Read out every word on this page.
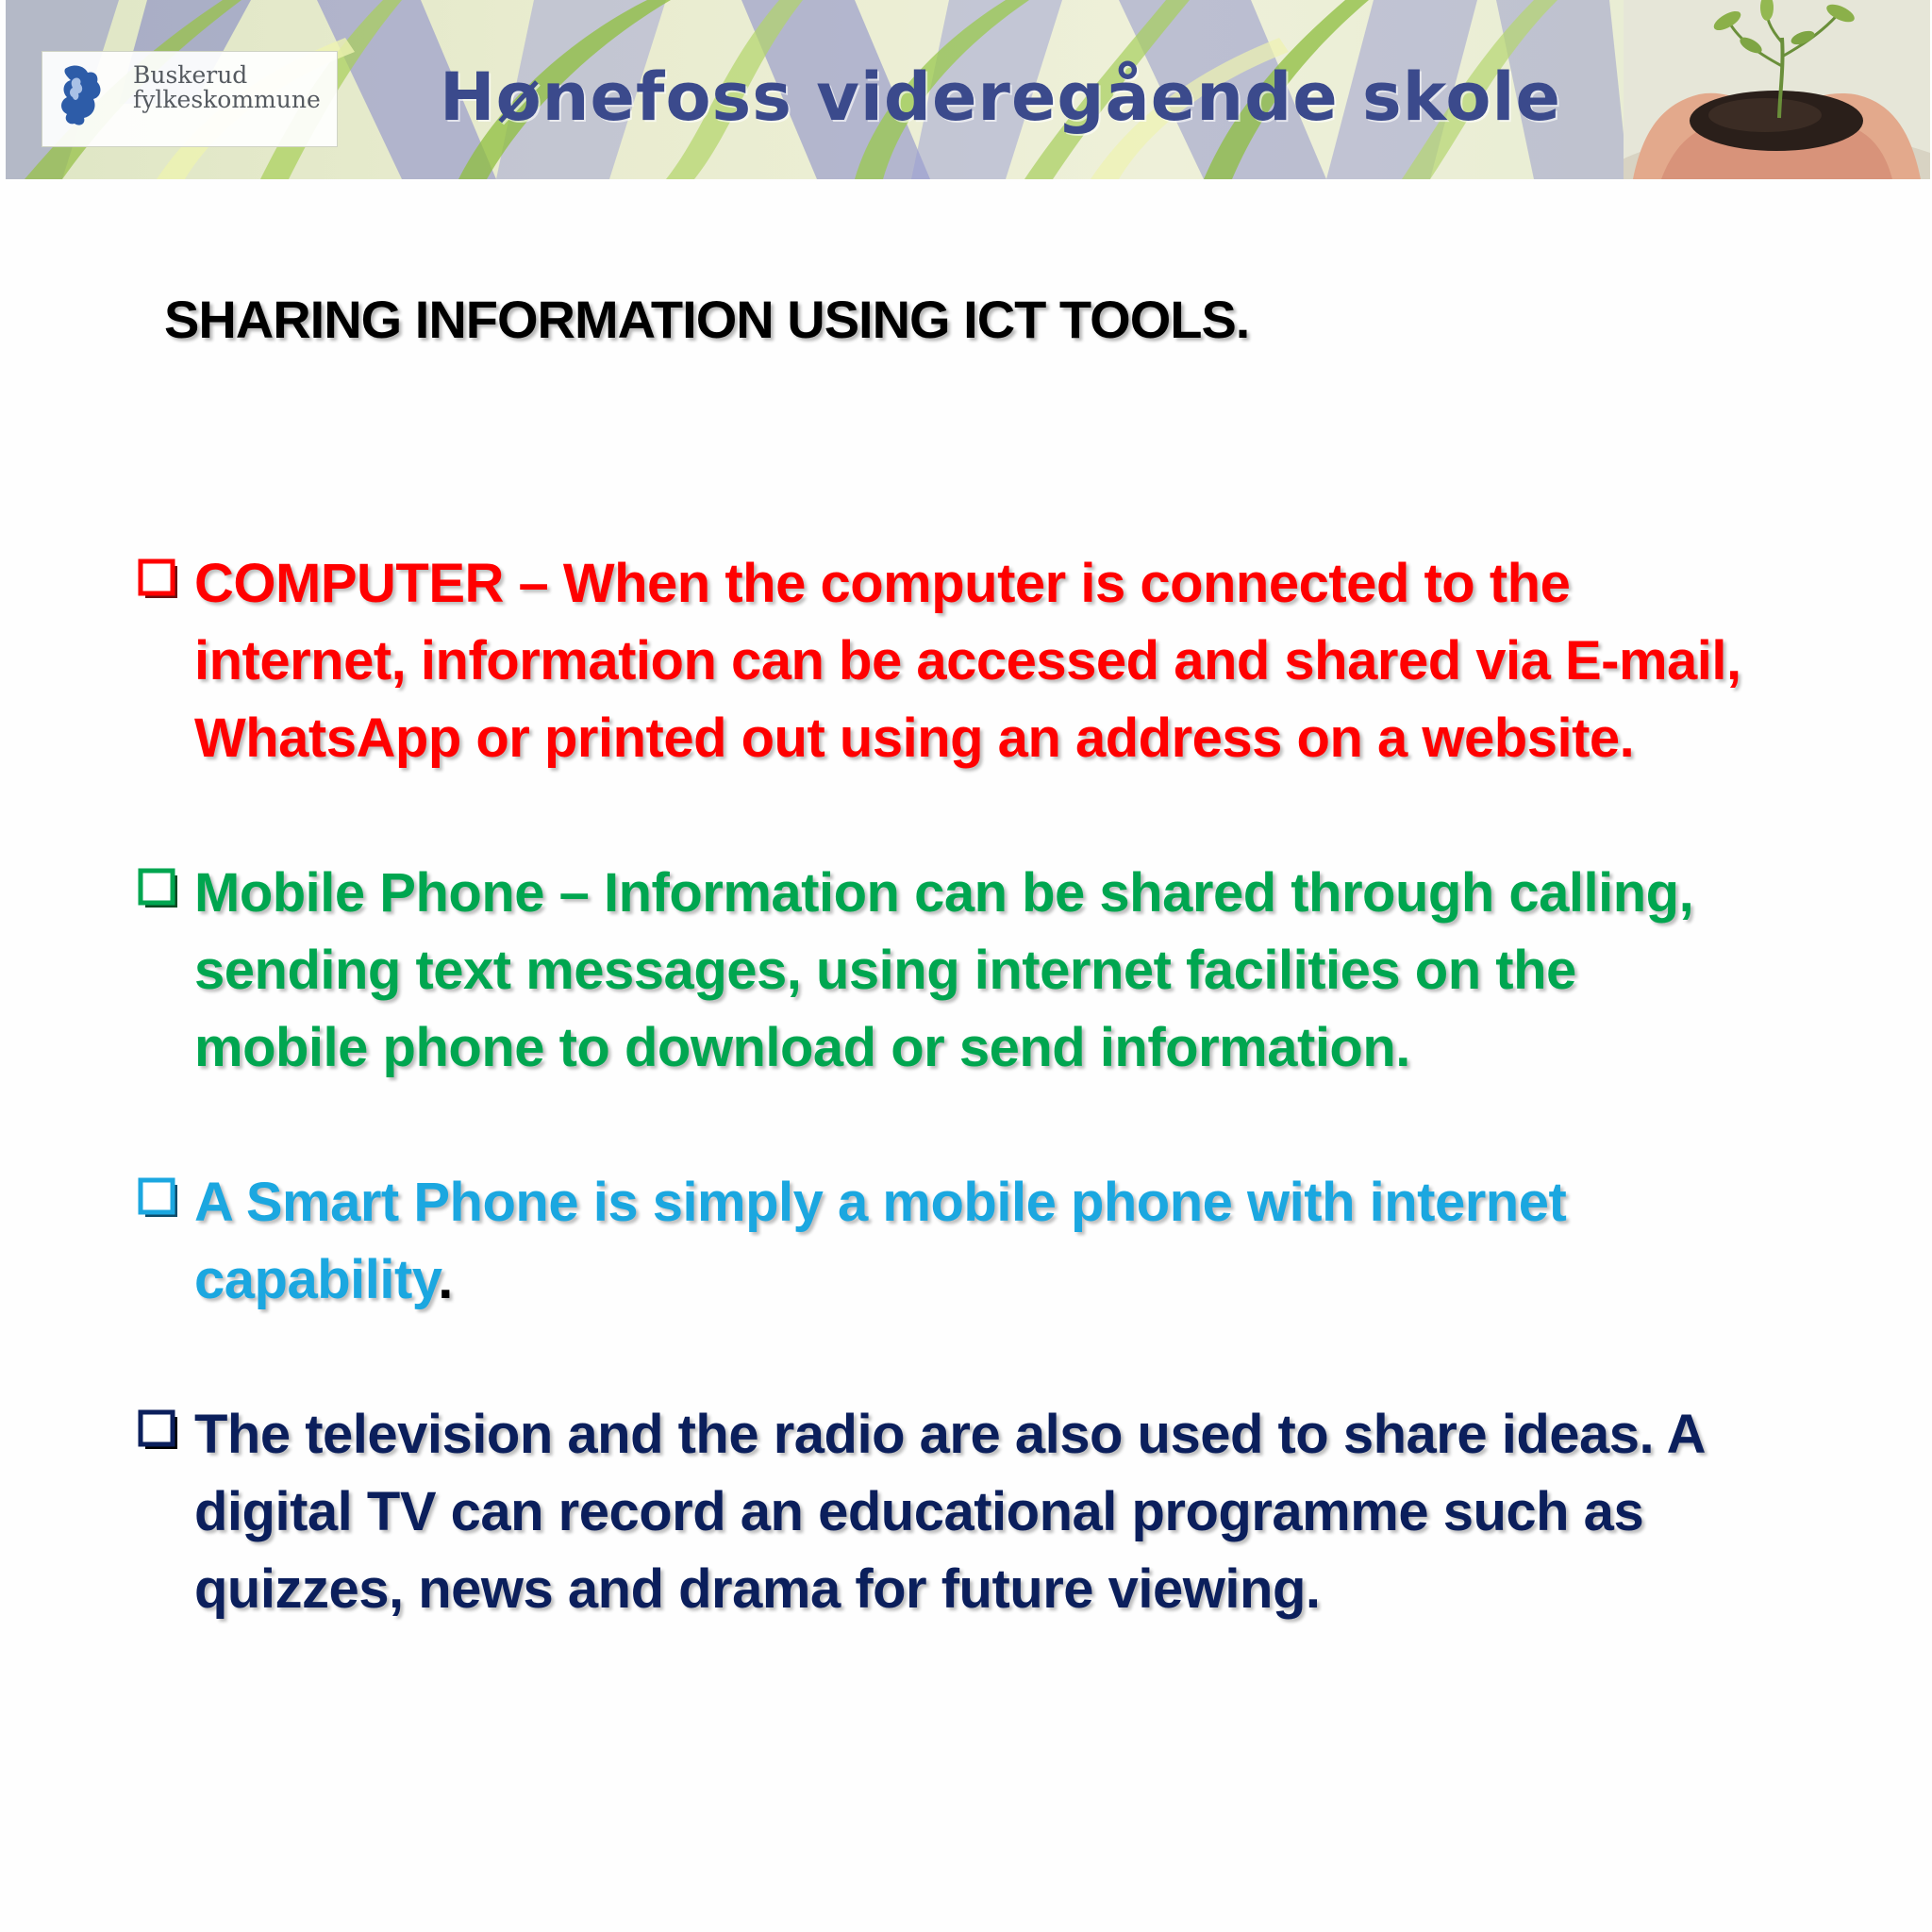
Buskerud
fylkeskommune Hønefoss videregående skole
SHARING INFORMATION USING ICT TOOLS.
COMPUTER – When the computer is connected to the
internet, information can be accessed and shared via E-mail,
WhatsApp or printed out using an address on a website.
Mobile Phone – Information can be shared through calling,
sending text messages, using internet facilities on the
mobile phone to download or send information.
A Smart Phone is simply a mobile phone with internet
capability.
The television and the radio are also used to share ideas. A
digital TV can record an educational programme such as
quizzes, news and drama for future viewing.
